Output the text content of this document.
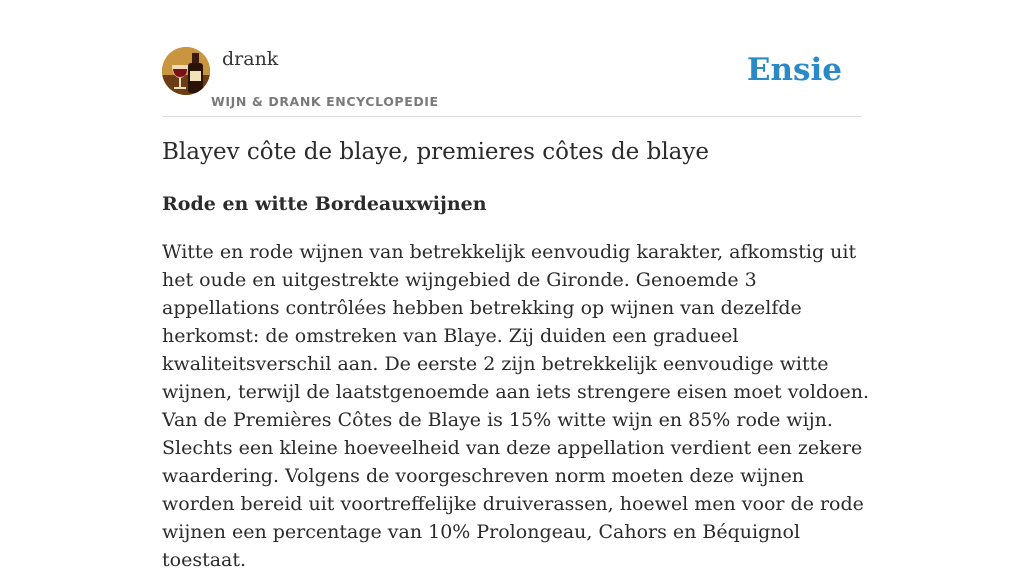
drank
WIJN & DRANK ENCYCLOPEDIE
Ensie
Blayev côte de blaye, premieres côtes de blaye
Rode en witte Bordeauxwijnen

Witte en rode wijnen van betrekkelijk eenvoudig karakter, afkomstig uit het oude en uitgestrekte wijngebied de Gironde. Genoemde 3 appellations contrôlées hebben betrekking op wijnen van dezelfde herkomst: de omstreken van Blaye. Zij duiden een gradueel kwaliteitsverschil aan. De eerste 2 zijn betrekkelijk eenvoudige witte wijnen, terwijl de laatstgenoemde aan iets strengere eisen moet voldoen. Van de Premières Côtes de Blaye is 15% witte wijn en 85% rode wijn. Slechts een kleine hoeveelheid van deze appellation verdient een zekere waardering. Volgens de voorgeschreven norm moeten deze wijnen worden bereid uit voortreffelijke druiverassen, hoewel men voor de rode wijnen een percentage van 10% Prolongeau, Cahors en Béquignol toestaat.
